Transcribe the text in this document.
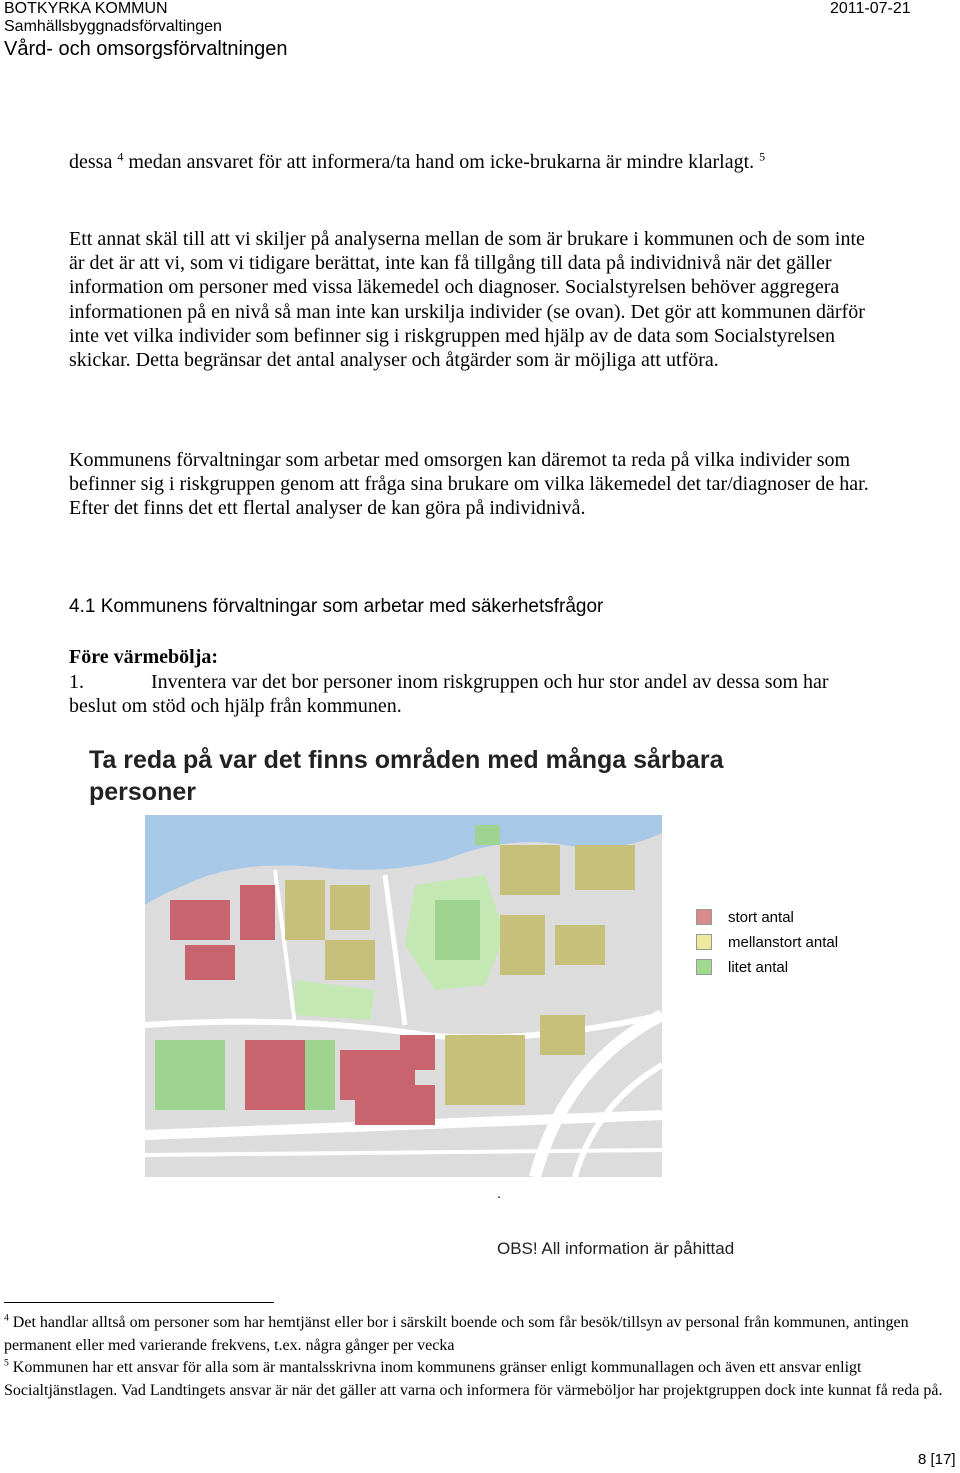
BOTKYRKA KOMMUN
Samhällsbyggnadsförvaltingen
Vård- och omsorgsförvaltningen
2011-07-21

dessa $^4$ medan ansvaret för att informera/ta hand om icke-brukarna är mindre klarlagt. $^5$

Ett annat skäl till att vi skiljer på analyserna mellan de som är brukare i kommunen och de som inte är det är att vi, som vi tidigare berättat, inte kan få tillgång till data på individnivå när det gäller information om personer med vissa läkemedel och diagnoser. Socialstyrelsen behöver aggregera informationen på en nivå så man inte kan urskilja individer (se ovan). Det gör att kommunen därför inte vet vilka individer som befinner sig i riskgruppen med hjälp av de data som Socialstyrelsen skickar. Detta begränsar det antal analyser och åtgärder som är möjliga att utföra.

Kommunens förvaltningar som arbetar med omsorgen kan däremot ta reda på vilka individer som befinner sig i riskgruppen genom att fråga sina brukare om vilka läkemedel det tar/diagnoser de har. Efter det finns det ett flertal analyser de kan göra på individnivå.

4.1 Kommunens förvaltningar som arbetar med säkerhetsfrågor
Före värmebölja:
1.	Inventera var det bor personer inom riskgruppen och hur stor andel av dessa som har beslut om stöd och hjälp från kommunen.
Ta reda på var det finns områden med många sårbara personer
stort antal
mellanstort antal
litet antal
.
OBS! All information är påhittad

$^4$ Det handlar alltså om personer som har hemtjänst eller bor i särskilt boende och som får besök/tillsyn av personal från kommunen, antingen permanent eller med varierande frekvens, t.ex. några gånger per vecka

$^5$ Kommunen har ett ansvar för alla som är mantalsskrivna inom kommunens gränser enligt kommunallagen och även ett ansvar enligt Socialtjänstlagen. Vad Landtingets ansvar är när det gäller att varna och informera för värmeböljor har projektgruppen dock inte kunnat få reda på.

8 [17]
